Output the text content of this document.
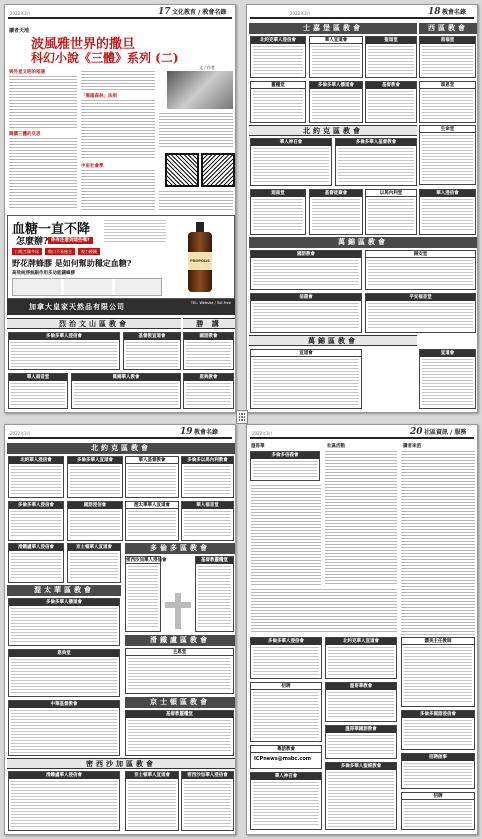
2022年3月	17 文化教育 / 教會名錄
讀者天地
波風雅世界的撒旦
科幻小說《三體》系列 (二)
文 / 作者
與外星文明的相遇
閱讀三體的反思
「黑暗森林」法則
宇宙社會學
血糖一直不降
怎麼辦? 你有注意到這些嗎?
口乾舌燥多尿	傷口不易癒合	視力模糊
野花牌蜂膠 是如何幫助穩定血糖?
高效純淨無副作用多功能讓蜂膠
PROPOLIS
加拿大皇家天然品有限公司	TEL: Website / Toll Free
烈治文山區教會	勝 講
多倫多華人浸信會	基督教宣道會	國語教會
華人福音堂	萬錦華人教會	恩典教會
2022年3月	18 教會名錄
士嘉堡區教會	西區教會
北約克區教會
萬錦區教會
萬錦區教會
北約克華人浸信會	華人宣道會	聖道堂	恩福堂
靈糧堂	多倫多華人播道會	基督教會	頌恩堂
華人神召會	多倫多華人基督教會
生命堂
迦南堂	基督徒聚會	以馬內利堂	華人浸信會
國語教會	錫安堂
信義會	平安福音堂
宣道會	宣道會
2022年3月	19 教會名錄
北約克區教會
多倫多區教會
渥太華區教會
滑鐵盧區教會
京士頓區教會
密西沙加區教會
北約華人浸信會	多倫多華人宣道會	華人基督教會	多倫多以馬內利教會
多倫多華人浸信會	國語浸信會	渥太華華人宣道會	華人福音堂
滑鐵盧華人浸信會	京士頓華人宣道會
密西沙加華人浸信會	基督教靈糧堂
多倫多華人播道會
恩典堂	主恩堂
中華基督教會
滑鐵盧華人浸信會	京士頓華人宣道會	密西沙加華人浸信會
基督教靈糧堂
2022年3月	20 社區資訊 / 服務
溫哥華	社區活動	讀者來函
多倫多信義會
多倫多華人浸信會	北約克華人宣道會	讚美主任教師
招聘	溫哥華教會
多倫多國語浸信會
溫哥華國語教會
粵語教會
ICPnews@msbc.com	招聘啟事
華人神召會
多倫多華人聖經教會
招聘
